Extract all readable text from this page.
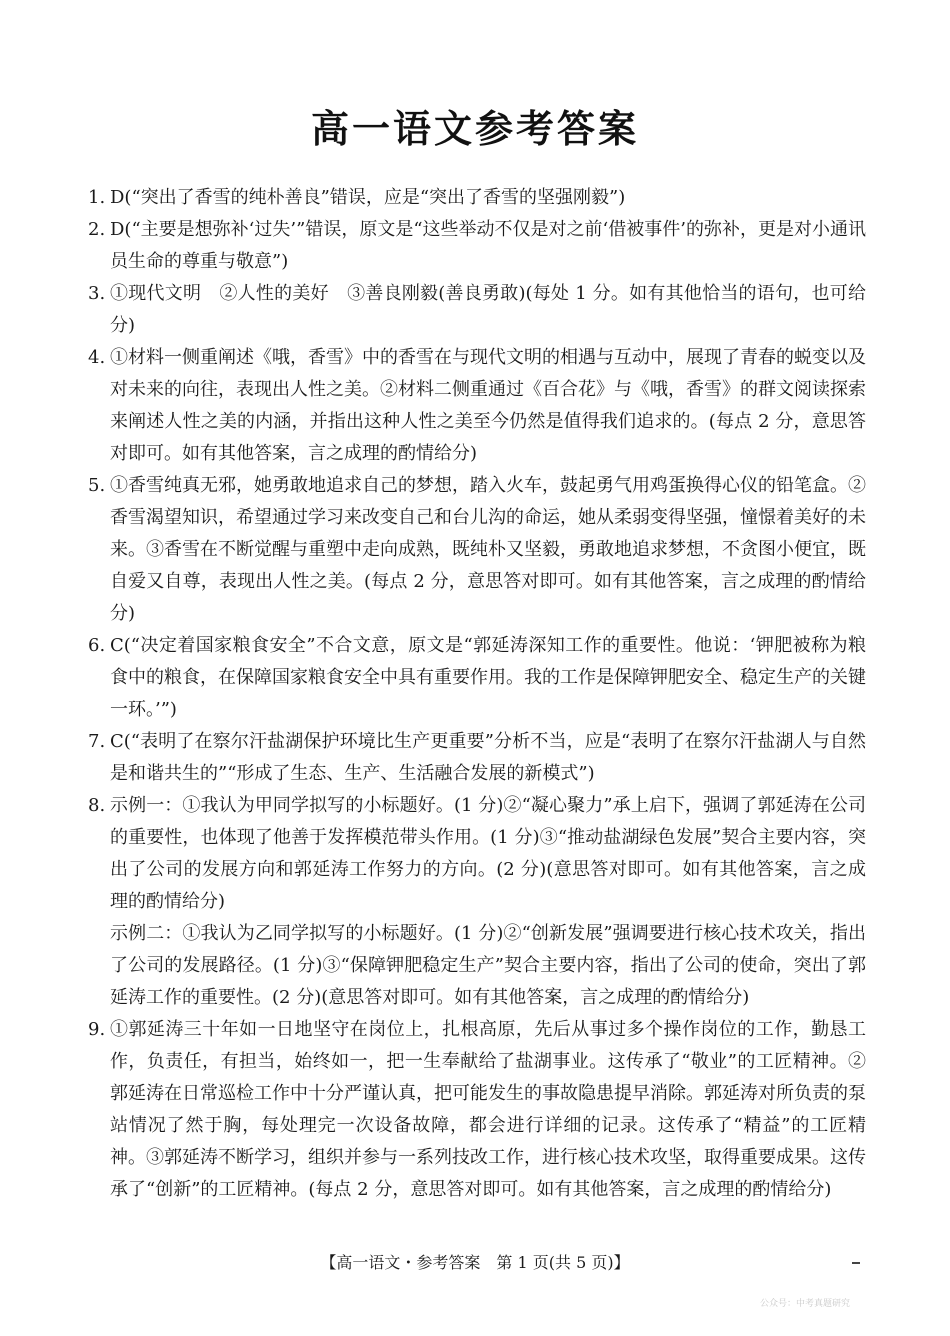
高一语文参考答案
1. D(“突出了香雪的纯朴善良”错误，应是“突出了香雪的坚强刚毅”)
2. D(“主要是想弥补‘过失’”错误，原文是“这些举动不仅是对之前‘借被事件’的弥补，更是对小通讯员生命的尊重与敬意”)
3. ①现代文明　②人性的美好　③善良刚毅(善良勇敢)(每处 1 分。如有其他恰当的语句，也可给分)
4. ①材料一侧重阐述《哦，香雪》中的香雪在与现代文明的相遇与互动中，展现了青春的蜕变以及对未来的向往，表现出人性之美。②材料二侧重通过《百合花》与《哦，香雪》的群文阅读探索来阐述人性之美的内涵，并指出这种人性之美至今仍然是值得我们追求的。(每点 2 分，意思答对即可。如有其他答案，言之成理的酌情给分)
5. ①香雪纯真无邪，她勇敢地追求自己的梦想，踏入火车，鼓起勇气用鸡蛋换得心仪的铅笔盒。②香雪渴望知识，希望通过学习来改变自己和台儿沟的命运，她从柔弱变得坚强，憧憬着美好的未来。③香雪在不断觉醒与重塑中走向成熟，既纯朴又坚毅，勇敢地追求梦想，不贪图小便宜，既自爱又自尊，表现出人性之美。(每点 2 分，意思答对即可。如有其他答案，言之成理的酌情给分)
6. C(“决定着国家粮食安全”不合文意，原文是“郭延涛深知工作的重要性。他说：‘钾肥被称为粮食中的粮食，在保障国家粮食安全中具有重要作用。我的工作是保障钾肥安全、稳定生产的关键一环。’”)
7. C(“表明了在察尔汗盐湖保护环境比生产更重要”分析不当，应是“表明了在察尔汗盐湖人与自然是和谐共生的”“形成了生态、生产、生活融合发展的新模式”)
8. 示例一：①我认为甲同学拟写的小标题好。(1 分)②“凝心聚力”承上启下，强调了郭延涛在公司的重要性，也体现了他善于发挥模范带头作用。(1 分)③“推动盐湖绿色发展”契合主要内容，突出了公司的发展方向和郭延涛工作努力的方向。(2 分)(意思答对即可。如有其他答案，言之成理的酌情给分)
示例二：①我认为乙同学拟写的小标题好。(1 分)②“创新发展”强调要进行核心技术攻关，指出了公司的发展路径。(1 分)③“保障钾肥稳定生产”契合主要内容，指出了公司的使命，突出了郭延涛工作的重要性。(2 分)(意思答对即可。如有其他答案，言之成理的酌情给分)
9. ①郭延涛三十年如一日地坚守在岗位上，扎根高原，先后从事过多个操作岗位的工作，勤恳工作，负责任，有担当，始终如一，把一生奉献给了盐湖事业。这传承了“敬业”的工匠精神。②郭延涛在日常巡检工作中十分严谨认真，把可能发生的事故隐患提早消除。郭延涛对所负责的泵站情况了然于胸，每处理完一次设备故障，都会进行详细的记录。这传承了“精益”的工匠精神。③郭延涛不断学习，组织并参与一系列技改工作，进行核心技术攻坚，取得重要成果。这传承了“创新”的工匠精神。(每点 2 分，意思答对即可。如有其他答案，言之成理的酌情给分)
【高一语文・参考答案　第 1 页(共 5 页)】
公众号：中考真题研究
